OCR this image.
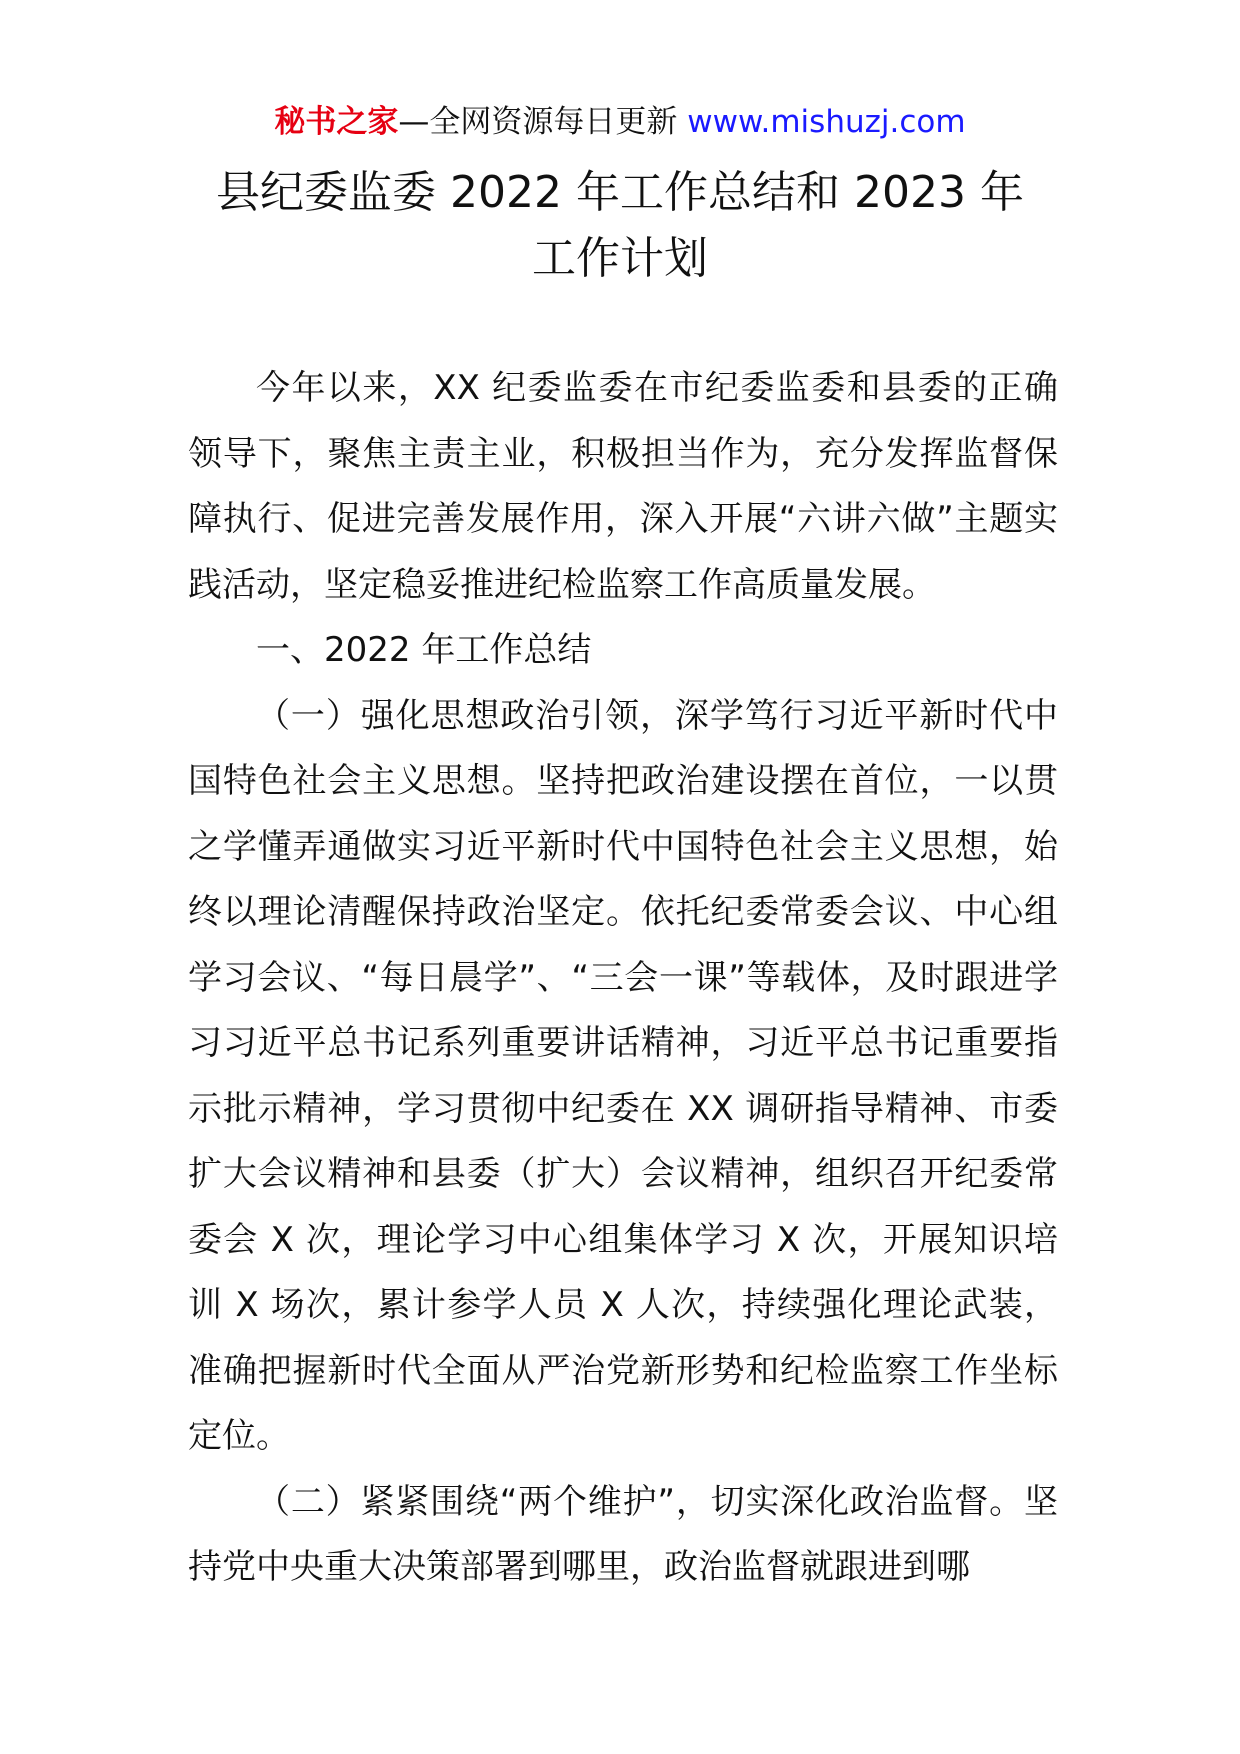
秘书之家—全网资源每日更新 www.mishuzj.com
县纪委监委 2022 年工作总结和 2023 年
工作计划

今年以来，XX 纪委监委在市纪委监委和县委的正确领导下，聚焦主责主业，积极担当作为，充分发挥监督保障执行、促进完善发展作用，深入开展“六讲六做”主题实践活动，坚定稳妥推进纪检监察工作高质量发展。

一、2022 年工作总结

（一）强化思想政治引领，深学笃行习近平新时代中国特色社会主义思想。坚持把政治建设摆在首位，一以贯之学懂弄通做实习近平新时代中国特色社会主义思想，始终以理论清醒保持政治坚定。依托纪委常委会议、中心组学习会议、“每日晨学”、“三会一课”等载体，及时跟进学习习近平总书记系列重要讲话精神，习近平总书记重要指示批示精神，学习贯彻中纪委在 XX 调研指导精神、市委扩大会议精神和县委（扩大）会议精神，组织召开纪委常委会 X 次，理论学习中心组集体学习 X 次，开展知识培训 X 场次，累计参学人员 X 人次，持续强化理论武装，准确把握新时代全面从严治党新形势和纪检监察工作坐标定位。

（二）紧紧围绕“两个维护”，切实深化政治监督。坚持党中央重大决策部署到哪里，政治监督就跟进到哪
